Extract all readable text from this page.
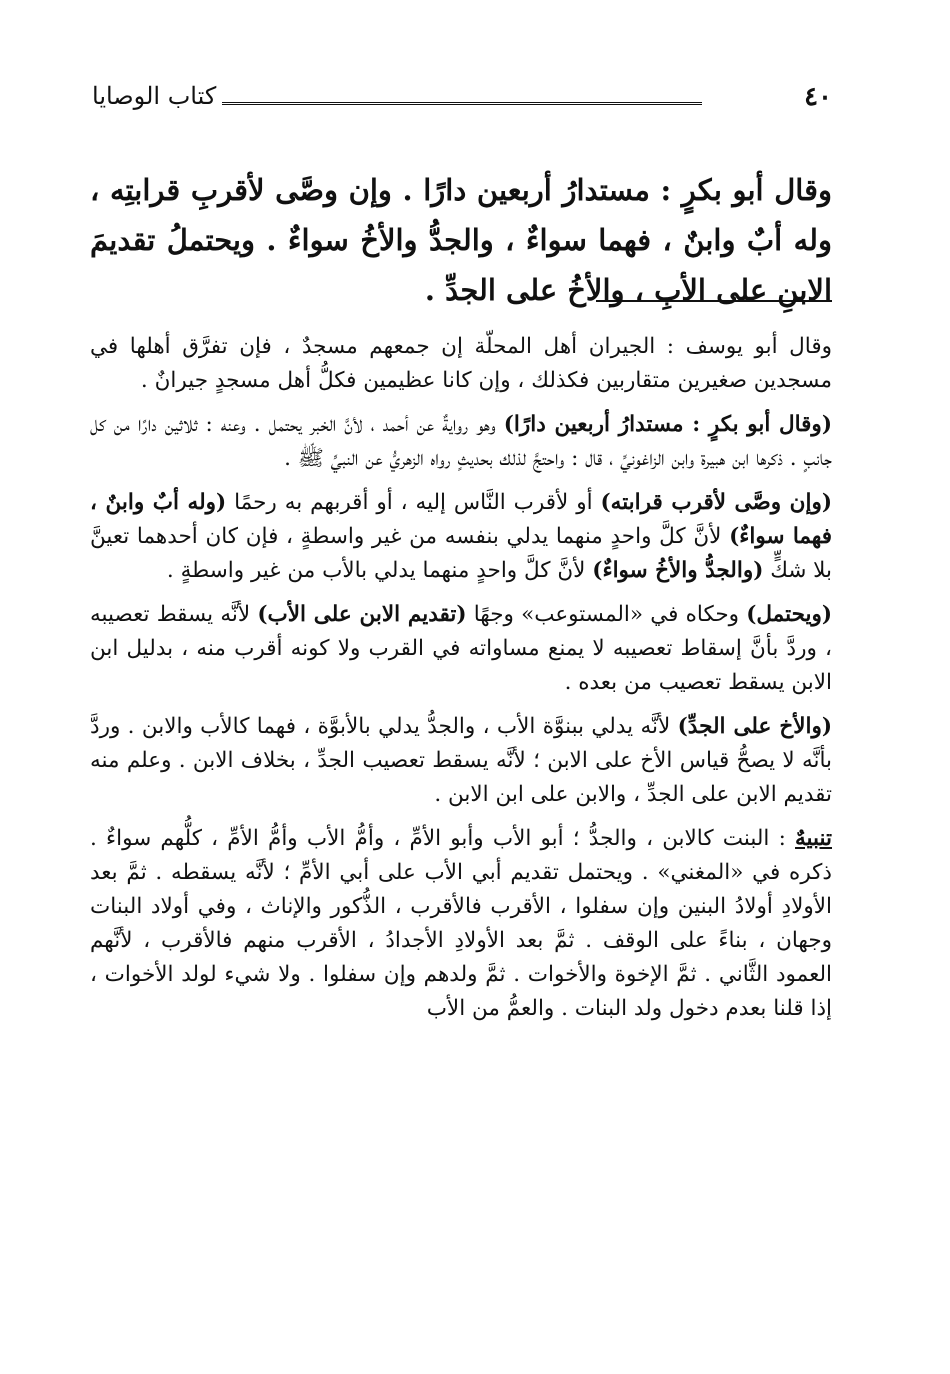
٤٠
كتاب الوصايا
وقال أبو بكرٍ : مستدارُ أربعين دارًا . وإن وصَّى لأقربِ قرابتِه ، وله أبٌ وابنٌ ، فهما سواءٌ ، والجدُّ والأخُ سواءٌ . ويحتملُ تقديمَ الابنِ على الأبِ ، والأخُ على الجدِّ .

وقال أبو يوسف : الجيران أهل المحلّة إن جمعهم مسجدٌ ، فإن تفرَّق أهلها في مسجدين صغيرين متقاربين فكذلك ، وإن كانا عظيمين فكلُّ أهل مسجدٍ جيرانٌ .

(وقال أبو بكرٍ : مستدارُ أربعين دارًا) وهو روايةٌ عن أحمد ، لأنَّ الخبر يحتمل . وعنه : ثلاثين دارًا من كل جانبٍ . ذكرها ابن هبيرة وابن الزاغونيِّ ، قال : واحتجَّ لذلك بحديثٍ رواه الزهريُّ عن النبيِّ ﷺ .

(وإن وصَّى لأقرب قرابته) أو لأقرب النَّاس إليه ، أو أقربهم به رحمًا (وله أبٌ وابنٌ ، فهما سواءٌ) لأنَّ كلَّ واحدٍ منهما يدلي بنفسه من غير واسطةٍ ، فإن كان أحدهما تعينَّ بلا شكٍّ (والجدُّ والأخُ سواءٌ) لأنَّ كلَّ واحدٍ منهما يدلي بالأب من غير واسطةٍ .

(ويحتمل) وحكاه في «المستوعب» وجهًا (تقديم الابن على الأب) لأنَّه يسقط تعصيبه ، وردَّ بأنَّ إسقاط تعصيبه لا يمنع مساواته في القرب ولا كونه أقرب منه ، بدليل ابن الابن يسقط تعصيب من بعده .

(والأخ على الجدِّ) لأنَّه يدلي ببنوَّة الأب ، والجدُّ يدلي بالأبوَّة ، فهما كالأب والابن . وردَّ بأنَّه لا يصحُّ قياس الأخ على الابن ؛ لأنَّه يسقط تعصيب الجدِّ ، بخلاف الابن . وعلم منه تقديم الابن على الجدِّ ، والابن على ابن الابن .

تنبيهٌ : البنت كالابن ، والجدُّ ؛ أبو الأب وأبو الأمِّ ، وأمُّ الأب وأمُّ الأمِّ ، كلُّهم سواءٌ . ذكره في «المغني» . ويحتمل تقديم أبي الأب على أبي الأمِّ ؛ لأنَّه يسقطه . ثمَّ بعد الأولادِ أولادُ البنين وإن سفلوا ، الأقرب فالأقرب ، الذُّكور والإناث ، وفي أولاد البنات وجهان ، بناءً على الوقف . ثمَّ بعد الأولادِ الأجدادُ ، الأقرب منهم فالأقرب ، لأنَّهم العمود الثَّاني . ثمَّ الإخوة والأخوات . ثمَّ ولدهم وإن سفلوا . ولا شيء لولد الأخوات ، إذا قلنا بعدم دخول ولد البنات . والعمُّ من الأب
